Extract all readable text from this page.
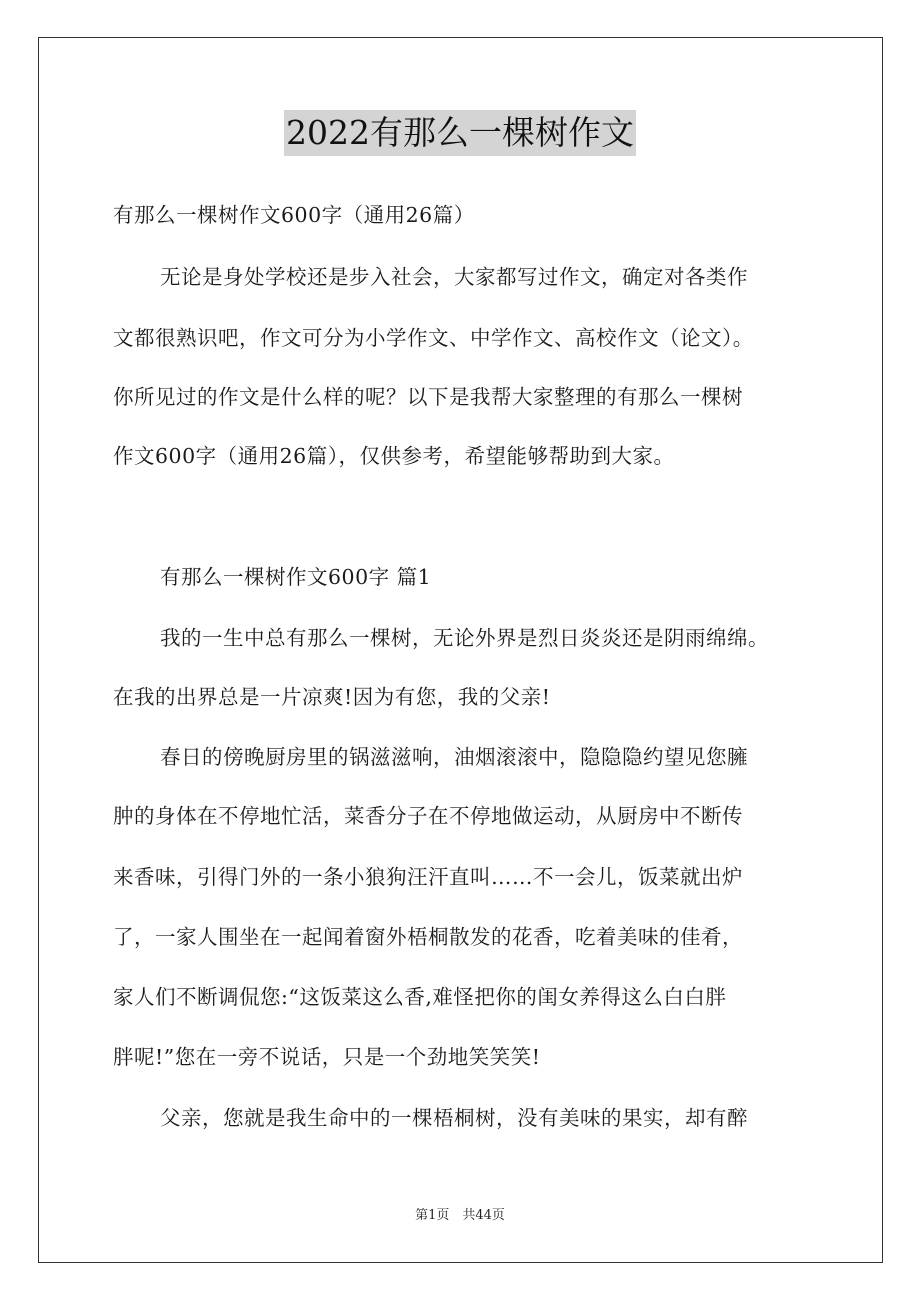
2022有那么一棵树作文
有那么一棵树作文600字（通用26篇）
无论是身处学校还是步入社会，大家都写过作文，确定对各类作
文都很熟识吧，作文可分为小学作文、中学作文、高校作文（论文）。
你所见过的作文是什么样的呢？以下是我帮大家整理的有那么一棵树
作文600字（通用26篇），仅供参考，希望能够帮助到大家。
有那么一棵树作文600字 篇1
我的一生中总有那么一棵树，无论外界是烈日炎炎还是阴雨绵绵。
在我的出界总是一片凉爽!因为有您，我的父亲!
春日的傍晚厨房里的锅滋滋响，油烟滚滚中，隐隐隐约望见您臃
肿的身体在不停地忙活，菜香分子在不停地做运动，从厨房中不断传
来香味，引得门外的一条小狼狗汪汗直叫……不一会儿，饭菜就出炉
了，一家人围坐在一起闻着窗外梧桐散发的花香，吃着美味的佳肴，
家人们不断调侃您:“这饭菜这么香,难怪把你的闺女养得这么白白胖
胖呢!”您在一旁不说话，只是一个劲地笑笑笑!
父亲，您就是我生命中的一棵梧桐树，没有美味的果实，却有醉
第1页　共44页
